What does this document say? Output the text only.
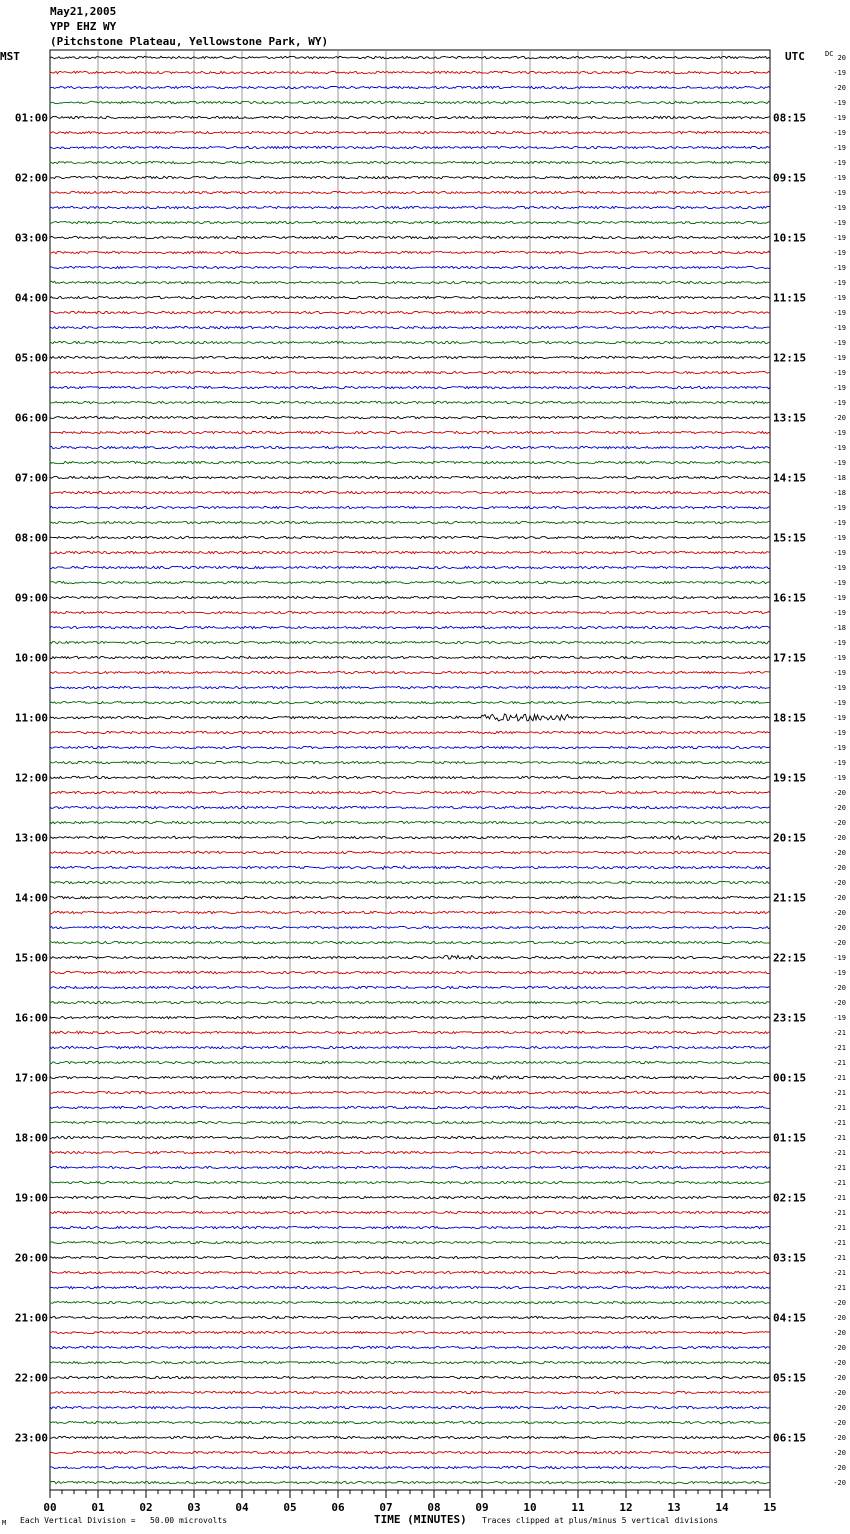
May21,2005
YPP EHZ WY
(Pitchstone Plateau, Yellowstone Park, WY)
MST	UTC	DC 20
-19
-20
-19
-19
-19
-19
-19
-19
-19
-19
-19
-19
-19
-19
-19
-19
-19
-19
-19
-19
-19
-19
-19
-20
-19
-19
-19
-18
-18
-19
-19
-19
-19
-19
-19
-19
-19
-18
-19
-19
-19
-19
-19
-19
-19
-19
-19
-19
-20
-20
-20
-20
-20
-20
-20
-20
-20
-20
-20
-19
-19
-20
-20
-19
-21
-21
-21
-21
-21
-21
-21
-21
-21
-21
-21
-21
-21
-21
-21
-21
-21
-21
-20
-20
-20
-20
-20
-20
-20
-20
-20
-20
-20
-20
-20
01:00
02:00
03:00
04:00
05:00
06:00
07:00
08:00
09:00
10:00
11:00
12:00
13:00
14:00
15:00
16:00
17:00
18:00
19:00
20:00
21:00
22:00
23:00
08:15
09:15
10:15
11:15
12:15
13:15
14:15
15:15
16:15
17:15
18:15
19:15
20:15
21:15
22:15
23:15
00:15
01:15
02:15
03:15
04:15
05:15
06:15
00	01	02	03	04	05	06	07	08	09	10	11	12	13	14	15
M Each Vertical Division =   50.00 microvolts	TIME (MINUTES) Traces clipped at plus/minus 5 vertical divisions
